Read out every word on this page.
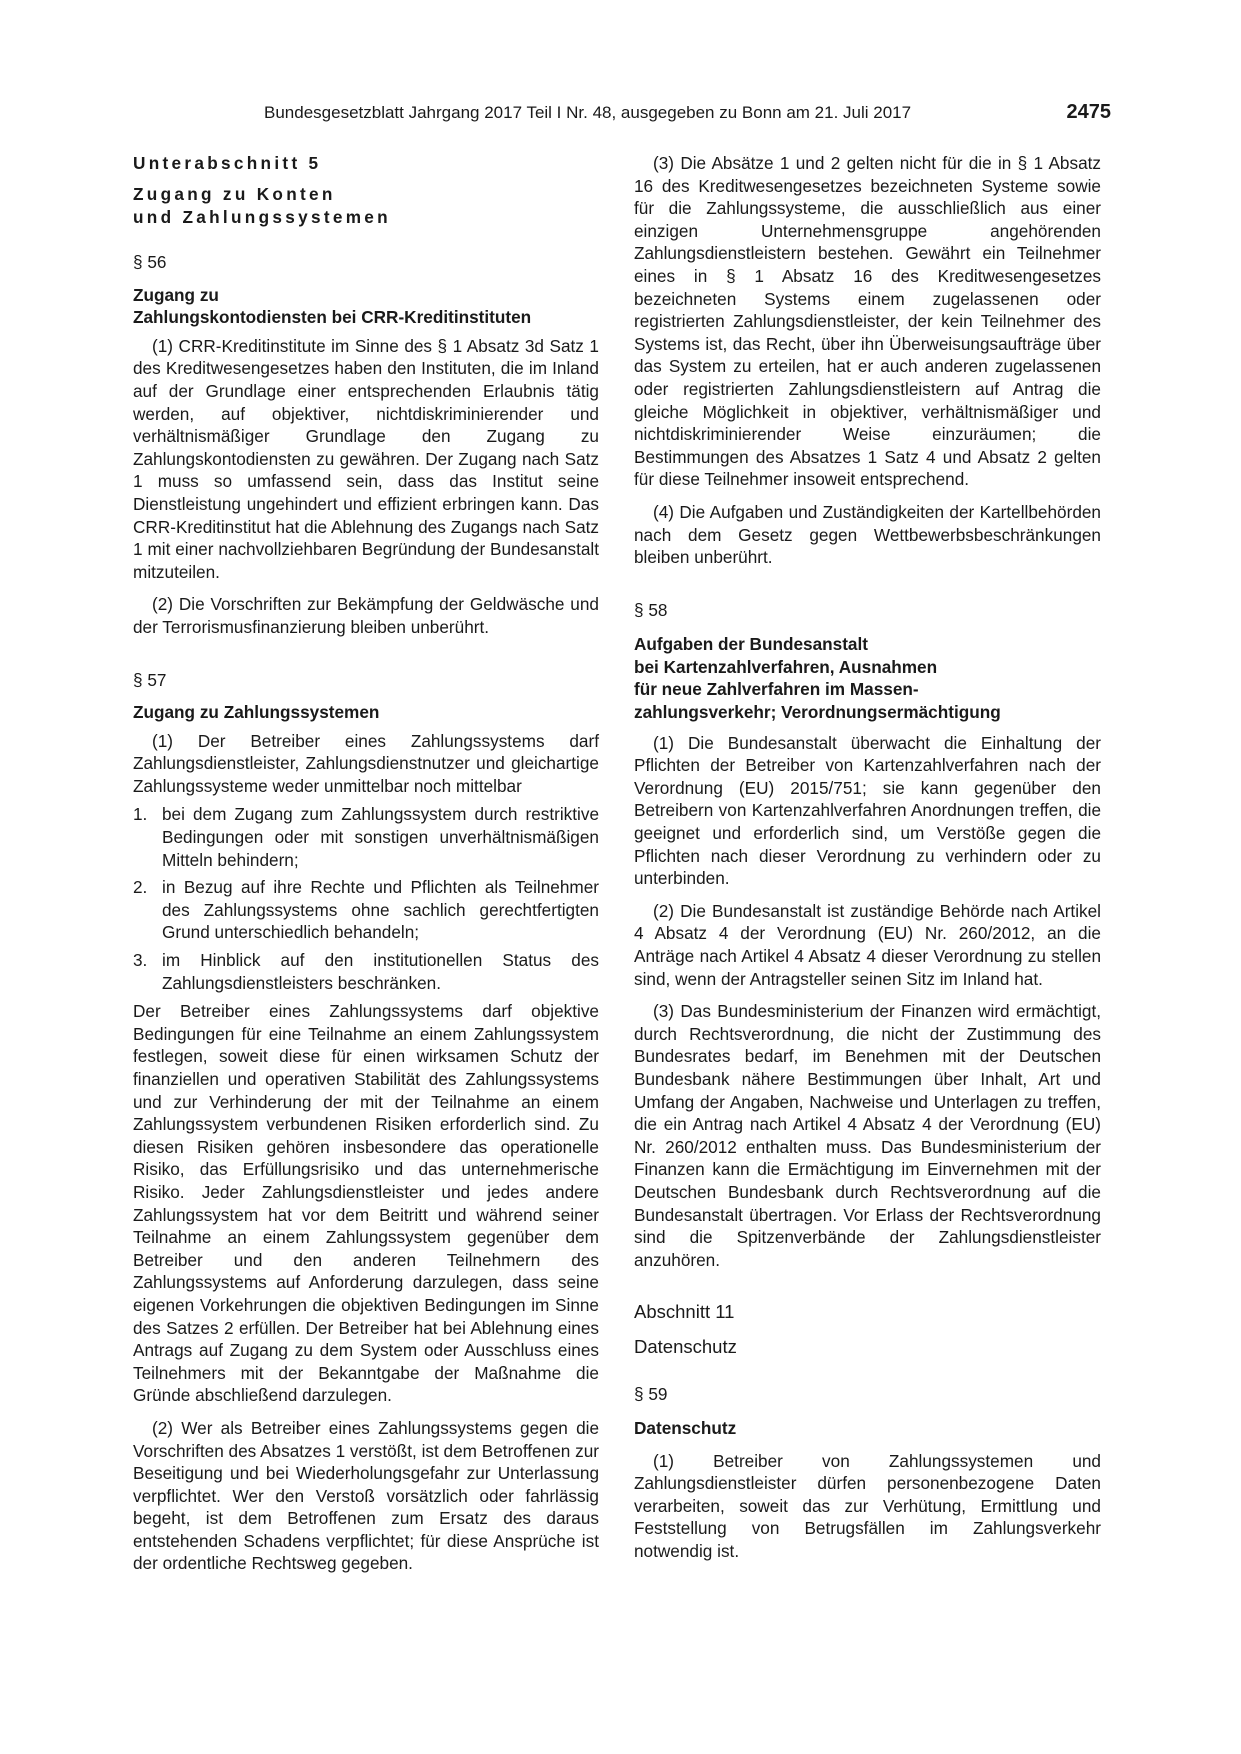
Bundesgesetzblatt Jahrgang 2017 Teil I Nr. 48, ausgegeben zu Bonn am 21. Juli 2017	2475

Unterabschnitt 5

Zugang zu Konten

und Zahlungssystemen

§ 56

Zugang zu

Zahlungskontodiensten bei CRR-Kreditinstituten

(1) CRR-Kreditinstitute im Sinne des § 1 Absatz 3d Satz 1 des Kreditwesengesetzes haben den Instituten, die im Inland auf der Grundlage einer entsprechenden Erlaubnis tätig werden, auf objektiver, nichtdiskriminierender und verhältnismäßiger Grundlage den Zugang zu Zahlungskontodiensten zu gewähren. Der Zugang nach Satz 1 muss so umfassend sein, dass das Institut seine Dienstleistung ungehindert und effizient erbringen kann. Das CRR-Kreditinstitut hat die Ablehnung des Zugangs nach Satz 1 mit einer nachvollziehbaren Begründung der Bundesanstalt mitzuteilen.

(2) Die Vorschriften zur Bekämpfung der Geldwäsche und der Terrorismusfinanzierung bleiben unberührt.

§ 57

Zugang zu Zahlungssystemen

(1) Der Betreiber eines Zahlungssystems darf Zahlungsdienstleister, Zahlungsdienstnutzer und gleichartige Zahlungssysteme weder unmittelbar noch mittelbar

1. bei dem Zugang zum Zahlungssystem durch restriktive Bedingungen oder mit sonstigen unverhältnismäßigen Mitteln behindern;
2. in Bezug auf ihre Rechte und Pflichten als Teilnehmer des Zahlungssystems ohne sachlich gerechtfertigten Grund unterschiedlich behandeln;
3. im Hinblick auf den institutionellen Status des Zahlungsdienstleisters beschränken.

Der Betreiber eines Zahlungssystems darf objektive Bedingungen für eine Teilnahme an einem Zahlungssystem festlegen, soweit diese für einen wirksamen Schutz der finanziellen und operativen Stabilität des Zahlungssystems und zur Verhinderung der mit der Teilnahme an einem Zahlungssystem verbundenen Risiken erforderlich sind. Zu diesen Risiken gehören insbesondere das operationelle Risiko, das Erfüllungsrisiko und das unternehmerische Risiko. Jeder Zahlungsdienstleister und jedes andere Zahlungssystem hat vor dem Beitritt und während seiner Teilnahme an einem Zahlungssystem gegenüber dem Betreiber und den anderen Teilnehmern des Zahlungssystems auf Anforderung darzulegen, dass seine eigenen Vorkehrungen die objektiven Bedingungen im Sinne des Satzes 2 erfüllen. Der Betreiber hat bei Ablehnung eines Antrags auf Zugang zu dem System oder Ausschluss eines Teilnehmers mit der Bekanntgabe der Maßnahme die Gründe abschließend darzulegen.

(2) Wer als Betreiber eines Zahlungssystems gegen die Vorschriften des Absatzes 1 verstößt, ist dem Betroffenen zur Beseitigung und bei Wiederholungsgefahr zur Unterlassung verpflichtet. Wer den Verstoß vorsätzlich oder fahrlässig begeht, ist dem Betroffenen zum Ersatz des daraus entstehenden Schadens verpflichtet; für diese Ansprüche ist der ordentliche Rechtsweg gegeben.

(3) Die Absätze 1 und 2 gelten nicht für die in § 1 Absatz 16 des Kreditwesengesetzes bezeichneten Systeme sowie für die Zahlungssysteme, die ausschließlich aus einer einzigen Unternehmensgruppe angehörenden Zahlungsdienstleistern bestehen. Gewährt ein Teilnehmer eines in § 1 Absatz 16 des Kreditwesengesetzes bezeichneten Systems einem zugelassenen oder registrierten Zahlungsdienstleister, der kein Teilnehmer des Systems ist, das Recht, über ihn Überweisungsaufträge über das System zu erteilen, hat er auch anderen zugelassenen oder registrierten Zahlungsdienstleistern auf Antrag die gleiche Möglichkeit in objektiver, verhältnismäßiger und nichtdiskriminierender Weise einzuräumen; die Bestimmungen des Absatzes 1 Satz 4 und Absatz 2 gelten für diese Teilnehmer insoweit entsprechend.

(4) Die Aufgaben und Zuständigkeiten der Kartellbehörden nach dem Gesetz gegen Wettbewerbsbeschränkungen bleiben unberührt.

§ 58

Aufgaben der Bundesanstalt

bei Kartenzahlverfahren, Ausnahmen

für neue Zahlverfahren im Massen-

zahlungsverkehr; Verordnungsermächtigung

(1) Die Bundesanstalt überwacht die Einhaltung der Pflichten der Betreiber von Kartenzahlverfahren nach der Verordnung (EU) 2015/751; sie kann gegenüber den Betreibern von Kartenzahlverfahren Anordnungen treffen, die geeignet und erforderlich sind, um Verstöße gegen die Pflichten nach dieser Verordnung zu verhindern oder zu unterbinden.

(2) Die Bundesanstalt ist zuständige Behörde nach Artikel 4 Absatz 4 der Verordnung (EU) Nr. 260/2012, an die Anträge nach Artikel 4 Absatz 4 dieser Verordnung zu stellen sind, wenn der Antragsteller seinen Sitz im Inland hat.

(3) Das Bundesministerium der Finanzen wird ermächtigt, durch Rechtsverordnung, die nicht der Zustimmung des Bundesrates bedarf, im Benehmen mit der Deutschen Bundesbank nähere Bestimmungen über Inhalt, Art und Umfang der Angaben, Nachweise und Unterlagen zu treffen, die ein Antrag nach Artikel 4 Absatz 4 der Verordnung (EU) Nr. 260/2012 enthalten muss. Das Bundesministerium der Finanzen kann die Ermächtigung im Einvernehmen mit der Deutschen Bundesbank durch Rechtsverordnung auf die Bundesanstalt übertragen. Vor Erlass der Rechtsverordnung sind die Spitzenverbände der Zahlungsdienstleister anzuhören.

Abschnitt 11

Datenschutz

§ 59

Datenschutz

(1) Betreiber von Zahlungssystemen und Zahlungsdienstleister dürfen personenbezogene Daten verarbeiten, soweit das zur Verhütung, Ermittlung und Feststellung von Betrugsfällen im Zahlungsverkehr notwendig ist.
